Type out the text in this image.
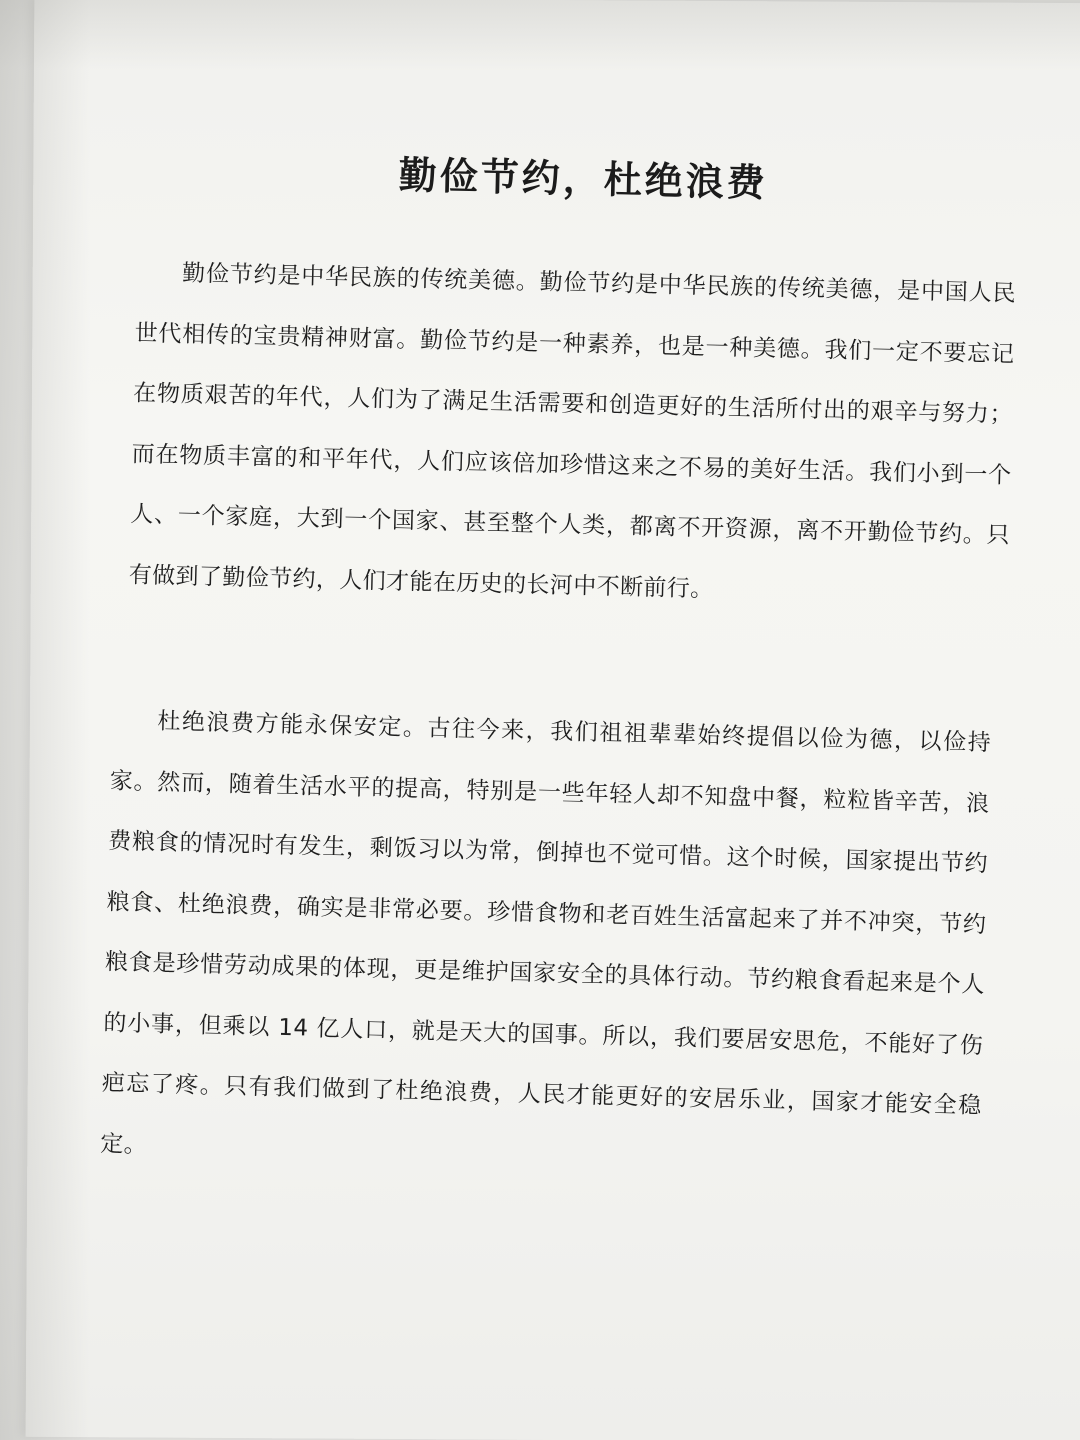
勤俭节约，杜绝浪费

勤俭节约是中华民族的传统美德。勤俭节约是中华民族的传统美德，是中国人民世代相传的宝贵精神财富。勤俭节约是一种素养，也是一种美德。我们一定不要忘记在物质艰苦的年代，人们为了满足生活需要和创造更好的生活所付出的艰辛与努力；而在物质丰富的和平年代，人们应该倍加珍惜这来之不易的美好生活。我们小到一个人、一个家庭，大到一个国家、甚至整个人类，都离不开资源，离不开勤俭节约。只有做到了勤俭节约，人们才能在历史的长河中不断前行。

杜绝浪费方能永保安定。古往今来，我们祖祖辈辈始终提倡以俭为德，以俭持家。然而，随着生活水平的提高，特别是一些年轻人却不知盘中餐，粒粒皆辛苦，浪费粮食的情况时有发生，剩饭习以为常，倒掉也不觉可惜。这个时候，国家提出节约粮食、杜绝浪费，确实是非常必要。珍惜食物和老百姓生活富起来了并不冲突，节约粮食是珍惜劳动成果的体现，更是维护国家安全的具体行动。节约粮食看起来是个人的小事，但乘以 14 亿人口，就是天大的国事。所以，我们要居安思危，不能好了伤疤忘了疼。只有我们做到了杜绝浪费，人民才能更好的安居乐业，国家才能安全稳定。
